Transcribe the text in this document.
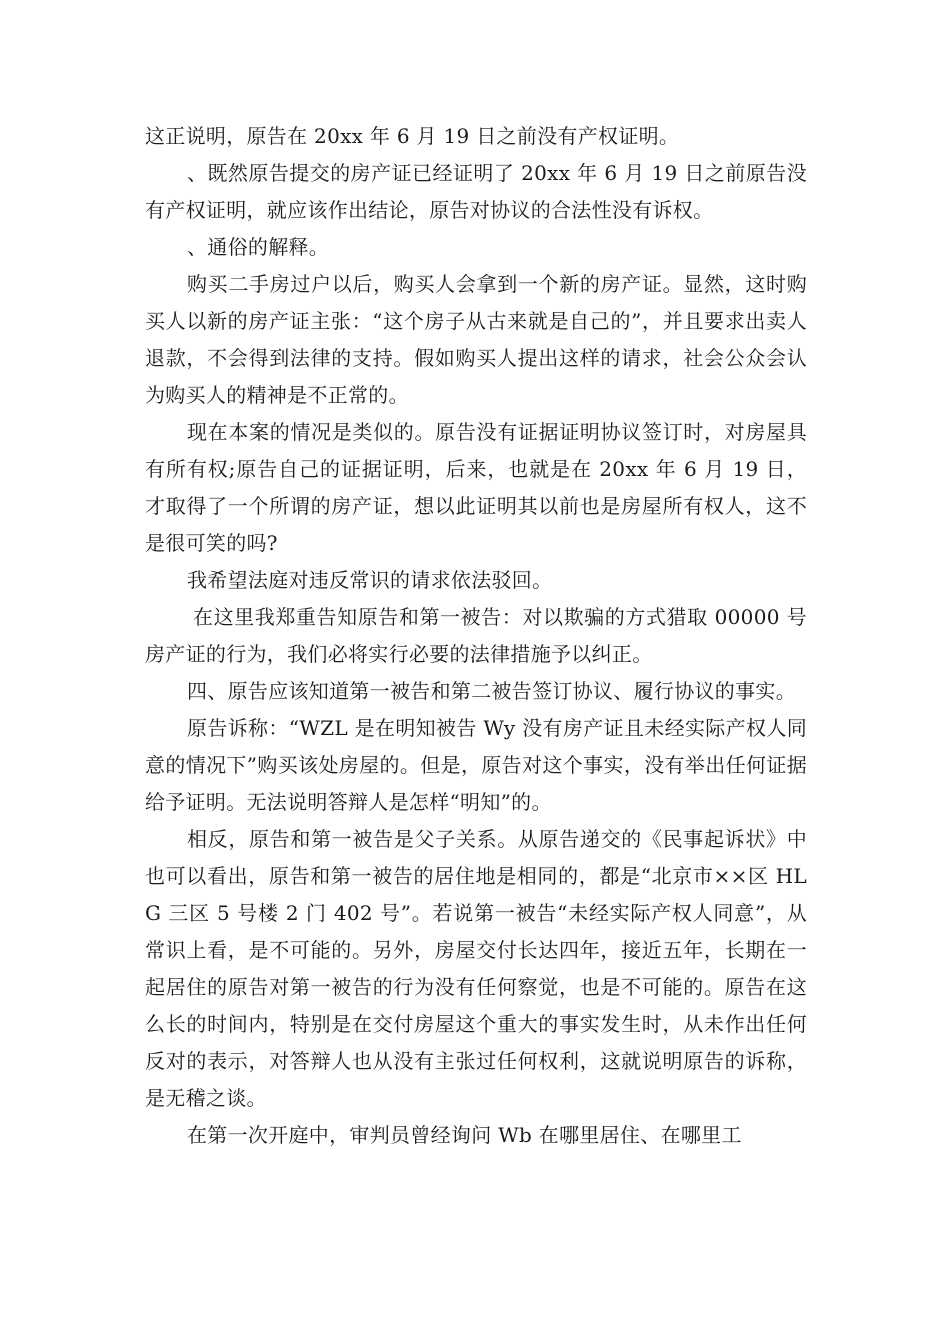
这正说明，原告在 20xx 年 6 月 19 日之前没有产权证明。

、既然原告提交的房产证已经证明了 20xx 年 6 月 19 日之前原告没有产权证明，就应该作出结论，原告对协议的合法性没有诉权。

、通俗的解释。

购买二手房过户以后，购买人会拿到一个新的房产证。显然，这时购买人以新的房产证主张：“这个房子从古来就是自己的”，并且要求出卖人退款，不会得到法律的支持。假如购买人提出这样的请求，社会公众会认为购买人的精神是不正常的。

现在本案的情况是类似的。原告没有证据证明协议签订时，对房屋具有所有权;原告自己的证据证明，后来，也就是在 20xx 年 6 月 19 日，才取得了一个所谓的房产证，想以此证明其以前也是房屋所有权人，这不是很可笑的吗?

我希望法庭对违反常识的请求依法驳回。

在这里我郑重告知原告和第一被告：对以欺骗的方式猎取 00000 号房产证的行为，我们必将实行必要的法律措施予以纠正。

四、原告应该知道第一被告和第二被告签订协议、履行协议的事实。

原告诉称：“WZL 是在明知被告 Wy 没有房产证且未经实际产权人同意的情况下”购买该处房屋的。但是，原告对这个事实，没有举出任何证据给予证明。无法说明答辩人是怎样“明知”的。

相反，原告和第一被告是父子关系。从原告递交的《民事起诉状》中也可以看出，原告和第一被告的居住地是相同的，都是“北京市××区 HLG 三区 5 号楼 2 门 402 号”。若说第一被告“未经实际产权人同意”，从常识上看，是不可能的。另外，房屋交付长达四年，接近五年，长期在一起居住的原告对第一被告的行为没有任何察觉，也是不可能的。原告在这么长的时间内，特别是在交付房屋这个重大的事实发生时，从未作出任何反对的表示，对答辩人也从没有主张过任何权利，这就说明原告的诉称，是无稽之谈。

在第一次开庭中，审判员曾经询问 Wb 在哪里居住、在哪里工
